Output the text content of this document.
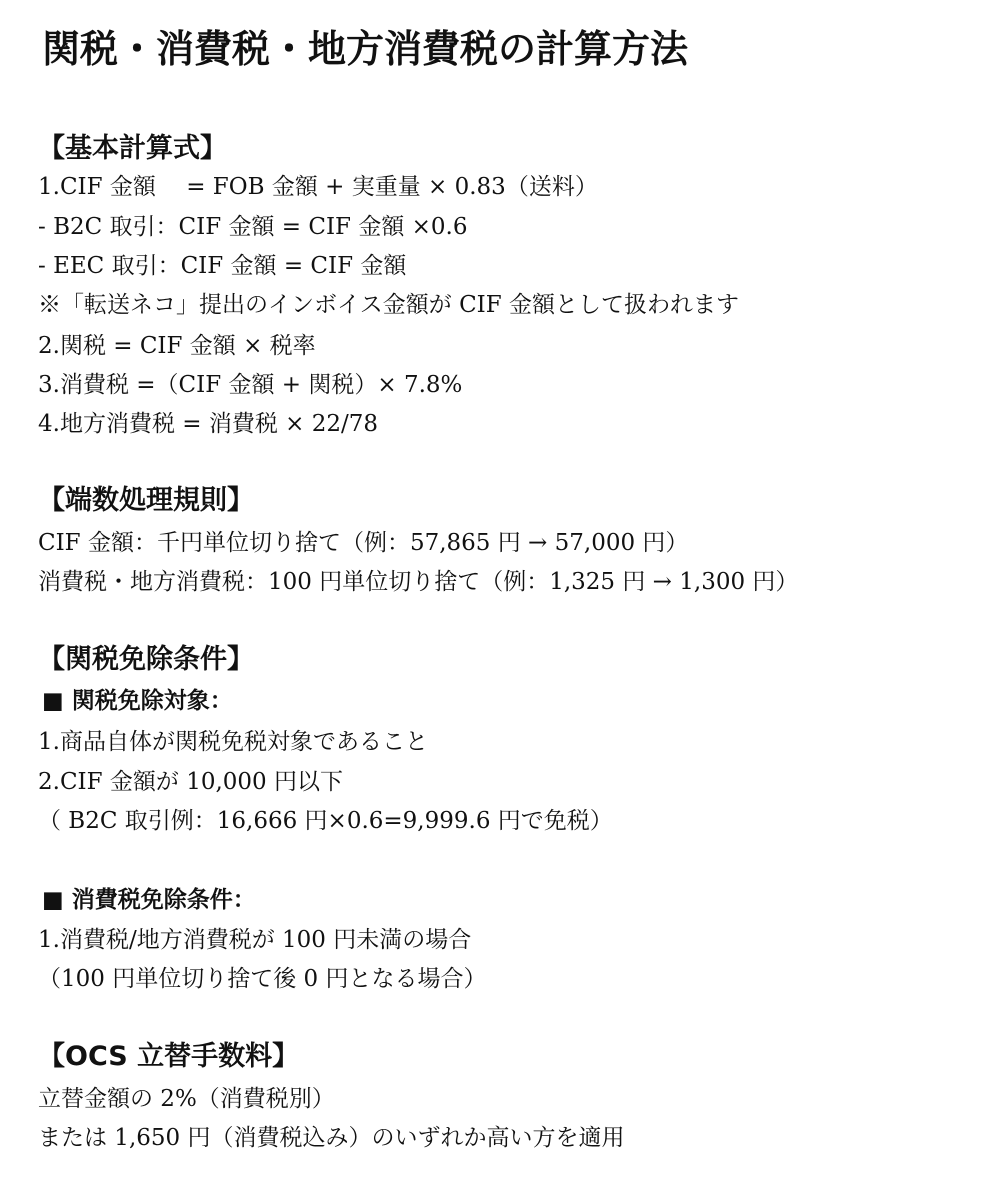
関税・消費税・地方消費税の計算方法
【基本計算式】
1.CIF 金額　 = FOB 金額 + 実重量 × 0.83（送料）
- B2C 取引：CIF 金額 = CIF 金額 ×0.6
- EEC 取引：CIF 金額 = CIF 金額
※「転送ネコ」提出のインボイス金額が CIF 金額として扱われます
2.関税 = CIF 金額 × 税率
3.消費税 =（CIF 金額 + 関税）× 7.8%
4.地方消費税 = 消費税 × 22/78
【端数処理規則】
CIF 金額：千円単位切り捨て（例：57,865 円 → 57,000 円）
消費税・地方消費税：100 円単位切り捨て（例：1,325 円 → 1,300 円）
【関税免除条件】
■ 関税免除対象：
1.商品自体が関税免税対象であること
2.CIF 金額が 10,000 円以下
（ B2C 取引例：16,666 円×0.6=9,999.6 円で免税）
■ 消費税免除条件：
1.消費税/地方消費税が 100 円未満の場合
（100 円単位切り捨て後 0 円となる場合）
【OCS 立替手数料】
立替金額の 2%（消費税別）
または 1,650 円（消費税込み）のいずれか高い方を適用
